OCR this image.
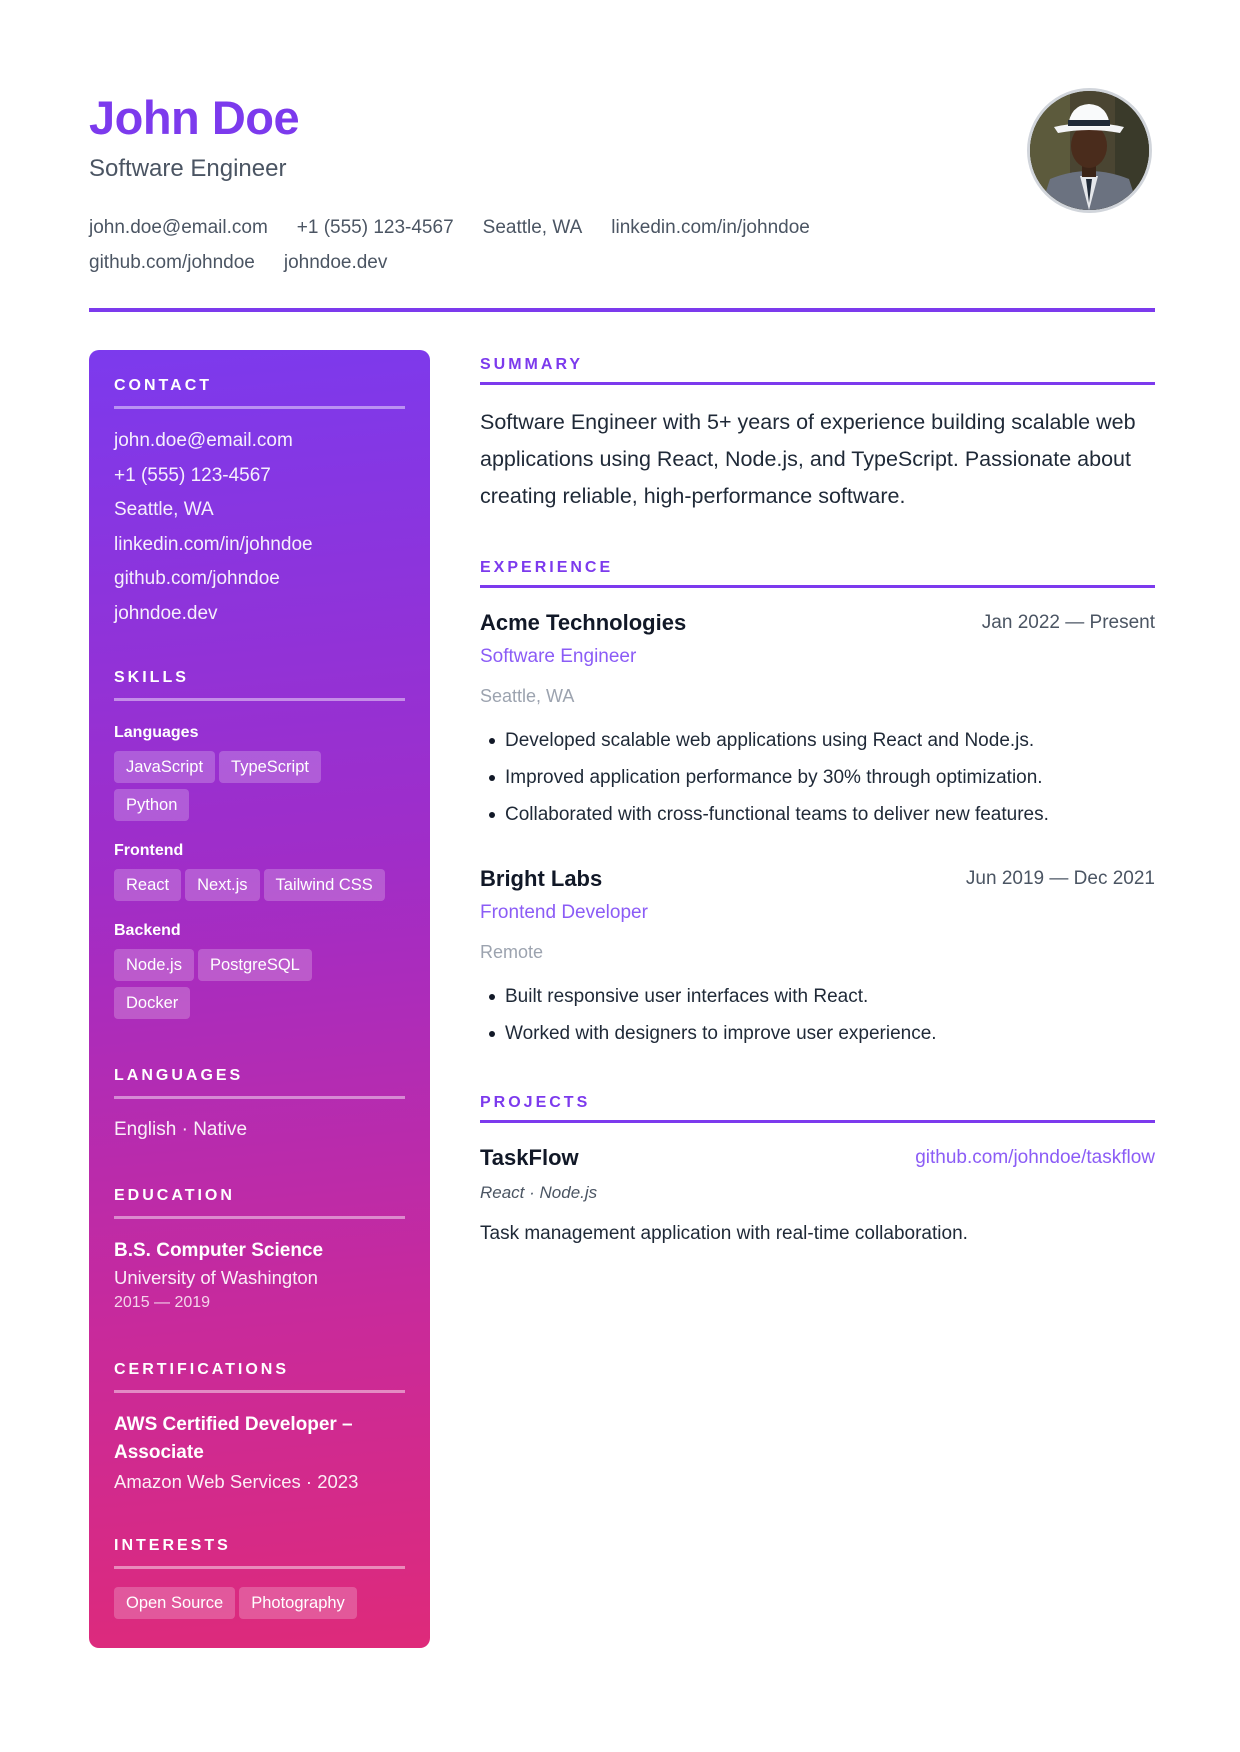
John Doe
Software Engineer
john.doe@email.com +1 (555) 123-4567 Seattle, WA linkedin.com/in/johndoe
github.com/johndoe johndoe.dev
CONTACT
john.doe@email.com
+1 (555) 123-4567
Seattle, WA
linkedin.com/in/johndoe
github.com/johndoe
johndoe.dev
SKILLS
Languages
JavaScript TypeScript
Python
Frontend
React Next.js Tailwind CSS
Backend
Node.js PostgreSQL
Docker
LANGUAGES
English · Native
EDUCATION
B.S. Computer Science
University of Washington
2015 — 2019
CERTIFICATIONS
AWS Certified Developer – Associate
Amazon Web Services · 2023
INTERESTS
Open Source Photography
SUMMARY
Software Engineer with 5+ years of experience building scalable web applications using React, Node.js, and TypeScript. Passionate about creating reliable, high-performance software.
EXPERIENCE
Acme Technologies	Jan 2022 — Present
Software Engineer
Seattle, WA
Developed scalable web applications using React and Node.js.
Improved application performance by 30% through optimization.
Collaborated with cross-functional teams to deliver new features.
Bright Labs	Jun 2019 — Dec 2021
Frontend Developer
Remote
Built responsive user interfaces with React.
Worked with designers to improve user experience.
PROJECTS
TaskFlow	github.com/johndoe/taskflow
React · Node.js
Task management application with real-time collaboration.
